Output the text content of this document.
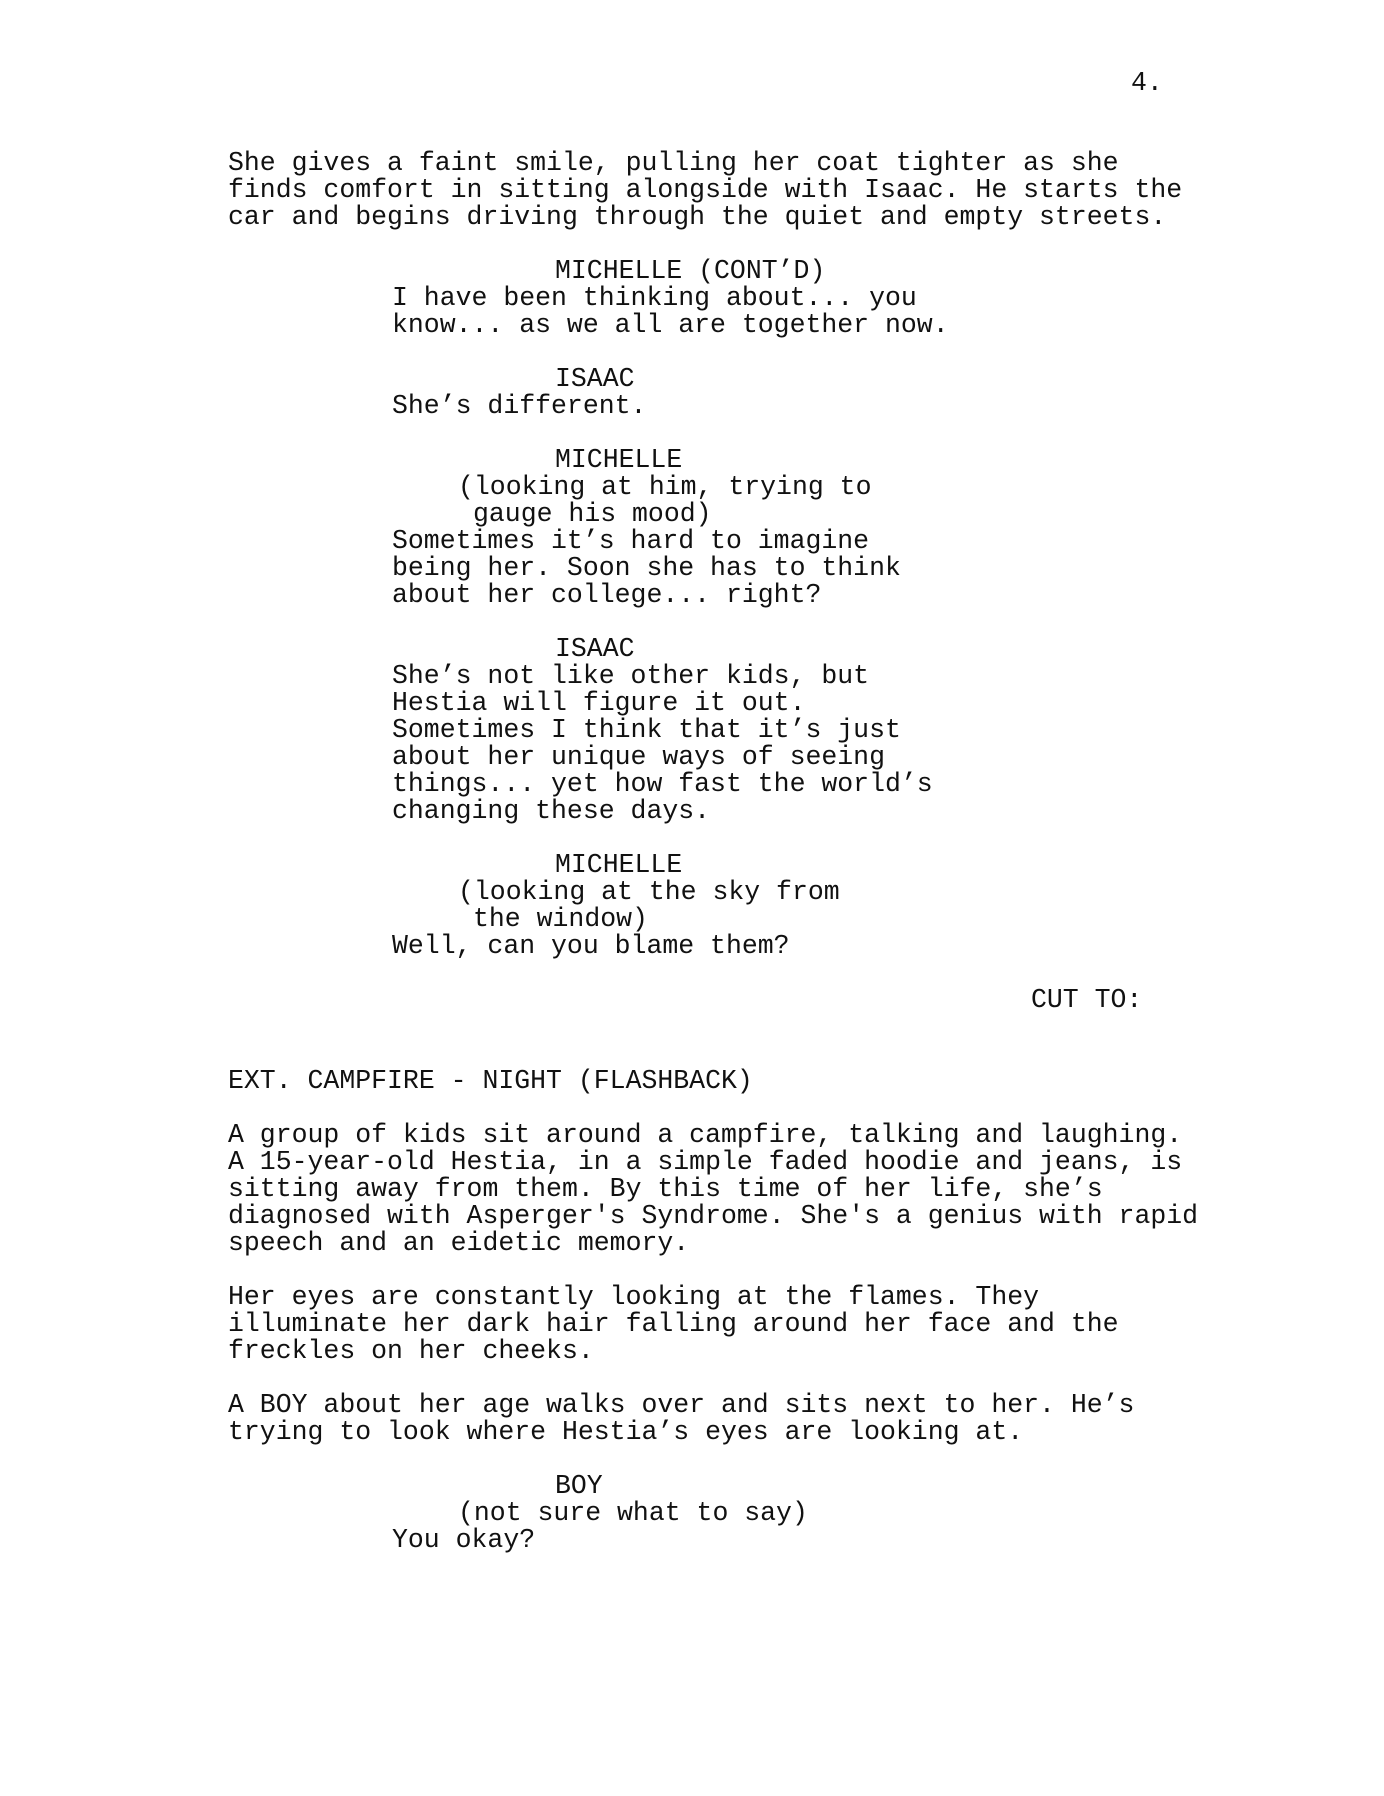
4.
She gives a faint smile, pulling her coat tighter as she
finds comfort in sitting alongside with Isaac. He starts the
car and begins driving through the quiet and empty streets.
MICHELLE (CONT’D)
I have been thinking about... you
know... as we all are together now.
ISAAC
She’s different.
MICHELLE
(looking at him, trying to
gauge his mood)
Sometimes it’s hard to imagine
being her. Soon she has to think
about her college... right?
ISAAC
She’s not like other kids, but
Hestia will figure it out.
Sometimes I think that it’s just
about her unique ways of seeing
things... yet how fast the world’s
changing these days.
MICHELLE
(looking at the sky from
the window)
Well, can you blame them?
CUT TO:
EXT. CAMPFIRE - NIGHT (FLASHBACK)
A group of kids sit around a campfire, talking and laughing.
A 15-year-old Hestia, in a simple faded hoodie and jeans, is
sitting away from them. By this time of her life, she’s
diagnosed with Asperger's Syndrome. She's a genius with rapid
speech and an eidetic memory.
Her eyes are constantly looking at the flames. They
illuminate her dark hair falling around her face and the
freckles on her cheeks.
A BOY about her age walks over and sits next to her. He’s
trying to look where Hestia’s eyes are looking at.
BOY
(not sure what to say)
You okay?
